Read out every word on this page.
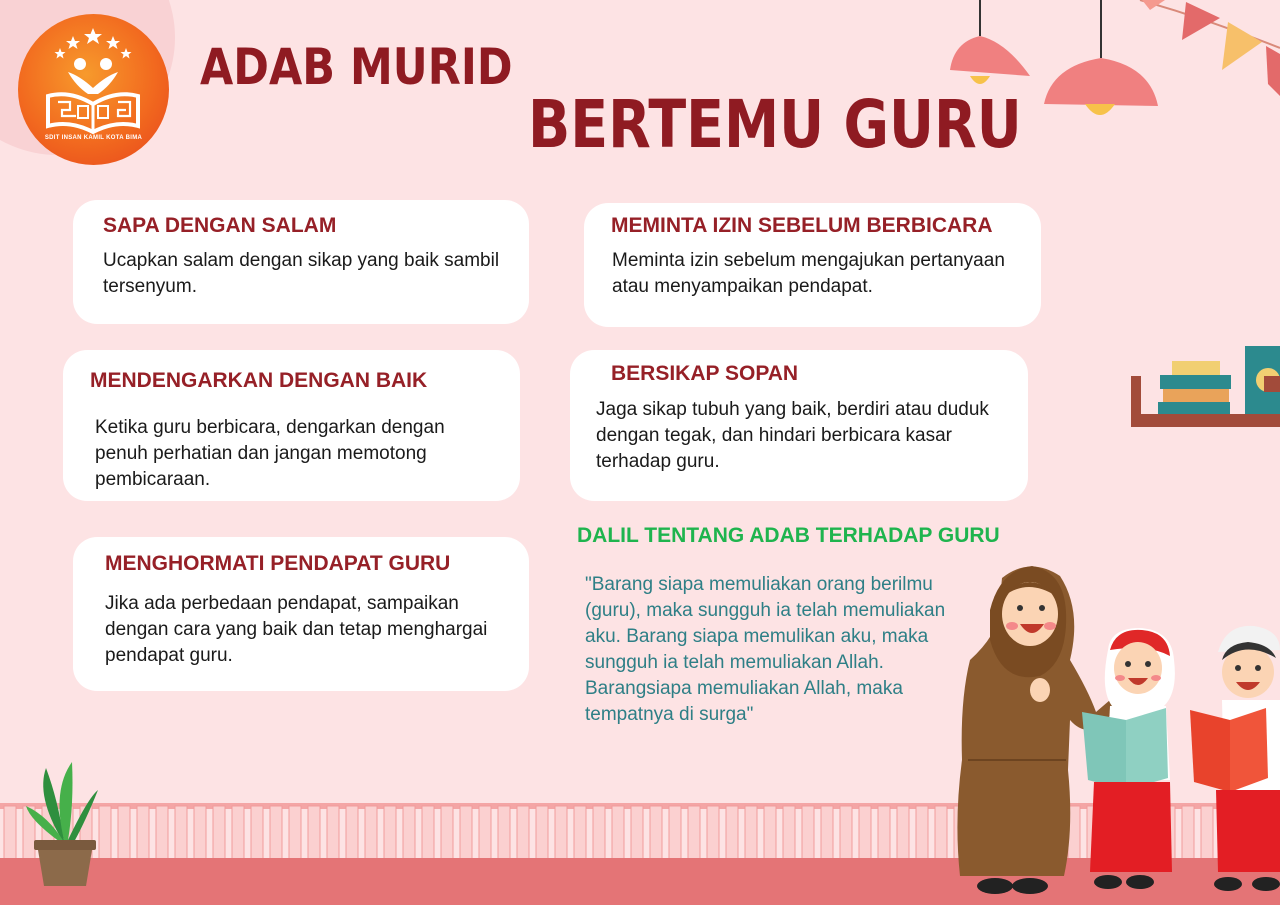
SDIT INSAN KAMIL KOTA BIMA
ADAB MURID
BERTEMU GURU
SAPA DENGAN SALAM

Ucapkan salam dengan sikap yang baik sambil tersenyum.

MEMINTA IZIN SEBELUM BERBICARA

Meminta izin sebelum mengajukan pertanyaan atau menyampaikan pendapat.

MENDENGARKAN DENGAN BAIK

Ketika guru berbicara, dengarkan dengan penuh perhatian dan jangan memotong pembicaraan.

BERSIKAP SOPAN

Jaga sikap tubuh yang baik, berdiri atau duduk dengan tegak, dan hindari berbicara kasar terhadap guru.

MENGHORMATI PENDAPAT GURU

Jika ada perbedaan pendapat, sampaikan dengan cara yang baik dan tetap menghargai pendapat guru.

DALIL TENTANG ADAB TERHADAP GURU

"Barang siapa memuliakan orang berilmu (guru), maka sungguh ia telah memuliakan aku. Barang siapa memulikan aku, maka sungguh ia telah memuliakan Allah. Barangsiapa memuliakan Allah, maka tempatnya di surga"
